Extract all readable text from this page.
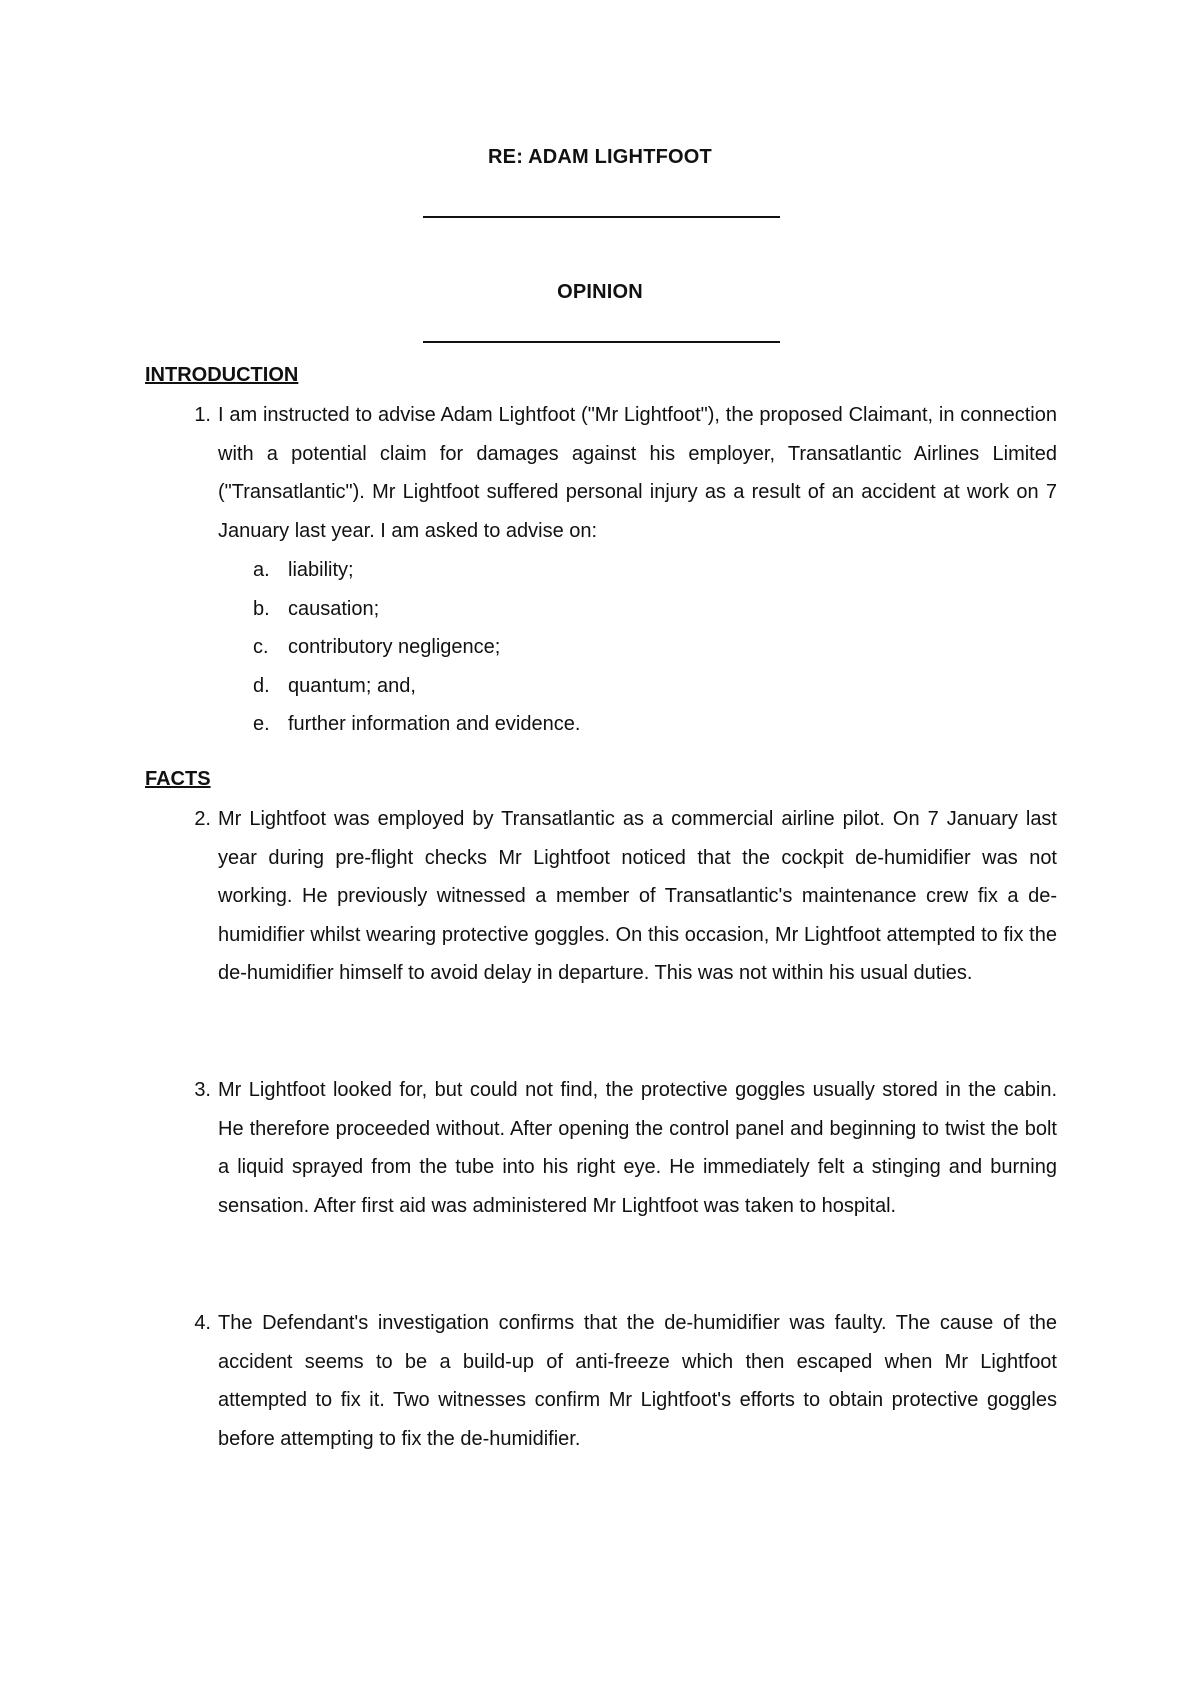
RE: ADAM LIGHTFOOT
OPINION
INTRODUCTION
1. I am instructed to advise Adam Lightfoot ("Mr Lightfoot"), the proposed Claimant, in connection with a potential claim for damages against his employer, Transatlantic Airlines Limited ("Transatlantic"). Mr Lightfoot suffered personal injury as a result of an accident at work on 7 January last year. I am asked to advise on:
a. liability;
b. causation;
c. contributory negligence;
d. quantum; and,
e. further information and evidence.
FACTS
2. Mr Lightfoot was employed by Transatlantic as a commercial airline pilot. On 7 January last year during pre-flight checks Mr Lightfoot noticed that the cockpit de-humidifier was not working. He previously witnessed a member of Transatlantic's maintenance crew fix a de-humidifier whilst wearing protective goggles. On this occasion, Mr Lightfoot attempted to fix the de-humidifier himself to avoid delay in departure. This was not within his usual duties.
3. Mr Lightfoot looked for, but could not find, the protective goggles usually stored in the cabin. He therefore proceeded without. After opening the control panel and beginning to twist the bolt a liquid sprayed from the tube into his right eye. He immediately felt a stinging and burning sensation. After first aid was administered Mr Lightfoot was taken to hospital.
4. The Defendant's investigation confirms that the de-humidifier was faulty. The cause of the accident seems to be a build-up of anti-freeze which then escaped when Mr Lightfoot attempted to fix it. Two witnesses confirm Mr Lightfoot's efforts to obtain protective goggles before attempting to fix the de-humidifier.
